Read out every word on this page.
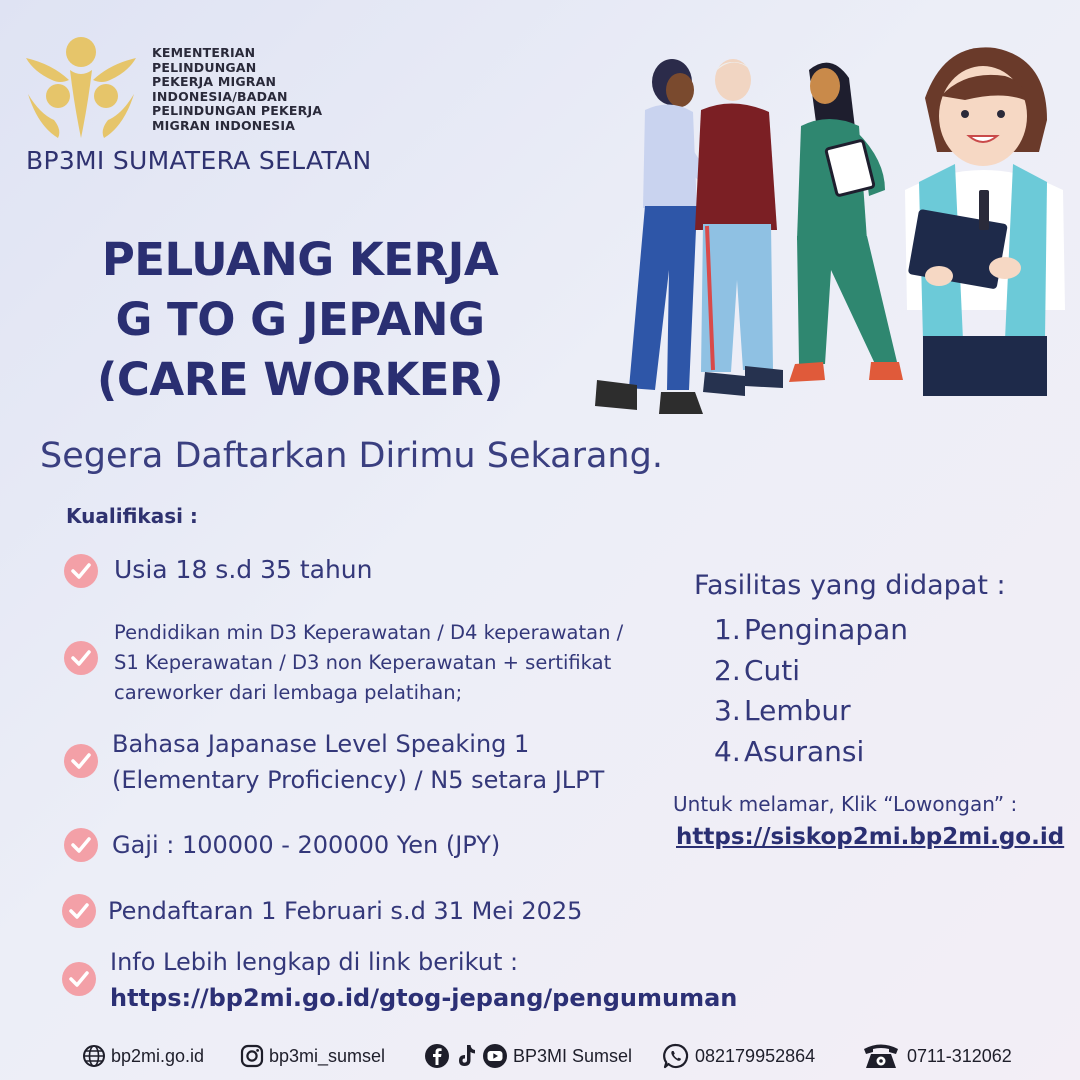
KEMENTERIAN
PELINDUNGAN
PEKERJA MIGRAN
INDONESIA/BADAN
PELINDUNGAN PEKERJA
MIGRAN INDONESIA
BP3MI SUMATERA SELATAN
PELUANG KERJA
G TO G JEPANG
(CARE WORKER)
Segera Daftarkan Dirimu Sekarang.
Kualifikasi :
Usia 18 s.d 35 tahun
Pendidikan min D3 Keperawatan / D4 keperawatan /
S1 Keperawatan / D3 non Keperawatan + sertifikat
careworker dari lembaga pelatihan;
Bahasa Japanase Level Speaking 1
(Elementary Proficiency) / N5 setara JLPT
Gaji : 100000 - 200000 Yen (JPY)
Pendaftaran 1 Februari s.d 31 Mei 2025
Info Lebih lengkap di link berikut :
https://bp2mi.go.id/gtog-jepang/pengumuman
Fasilitas yang didapat :
1. Penginapan
2. Cuti
3. Lembur
4. Asuransi
Untuk melamar, Klik “Lowongan” :
https://siskop2mi.bp2mi.go.id
bp2mi.go.id	bp3mi_sumsel	BP3MI Sumsel	082179952864	0711-312062
